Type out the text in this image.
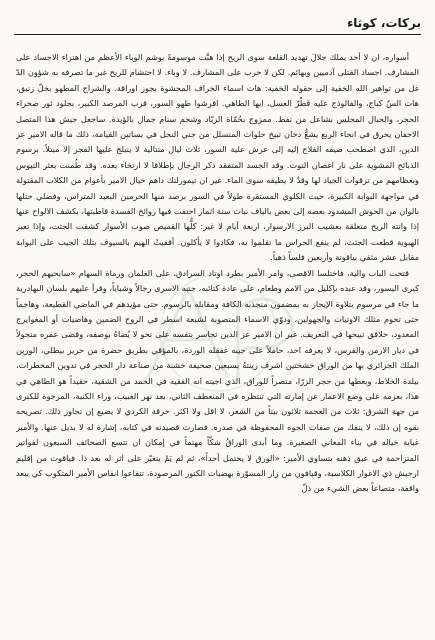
بركات، كوثاء

أسواره، ان لا أحد يملك جلالَ تهديد القلعة سوى الريح إذا هبَّت موسومةً بوشم الوباء الأعظم من اهتراء الاجساد على المشارف. اجساد القتلى آدميين وبهائم. لكن لا حرب على المشارف. لا وباء. لا احتشام للريح غير ما تصرفه به شؤون الدّ غل من تواهير الله الخفية إلى حقوله الخفية: هات اسماء الخراف المحشوة بجوز اوراقة. والشراج المطهو بخلّ زنبق، هات السّ كباج، والفالوذج عليه قَطْرُ العسل، ايها الطاهي. افرشوا طهو السور، قرب المرصد الكبير، بجلود ثور صحراء الحجر، والحبال المجلس بشاعل من نفط. ممزوج بحُمّاة الزيّاد وشحم سنام جمال بالؤيدة. ساجعل جيش هذا المتصل الاحفان يحرق في انحاء الربع يشعُّ دخان تبيخ حلوات المتسلل من جني النحل في بساتين القيامة، ذلك ما قاله الامير عز الدين، الذي اصطحب ضيفه الفلاح إليه إلى عرش علية السور، ثلاث ليال متتالية لا ينبلج عليها الفجر إلا مبتلاً. برسوم الذبائح المشوية على نار اغصان التوت. وقد الجسد المتفقد ذكر الرجال بإطلاقا لا ارتخاء بعده. وقد طُمنت بعثر التيوس وبعظامهم من ترقوات الجياد لها وقدٌ لا يطيقه سوى الماء. غير ان تيمورلنك داهم خيال الامير بأعوام من الكلاب المقتولة في مواجهة البوابة الكبيرة، حيث الكلوي المستقرة طولاً في السور برصد منها الحرمين البعيد المتراس، وفضلي حتلها بالوان من الحوش المشدود بعضه إلى بعض بالياف نبات سنة اثمار احتفت فيها روائح الفسدة قاطبتها، بكشف الالواح عنها إذا واتته الريح متعلقة بعشيب البرز الارسوار، اربعة أيام لا غير: كلُّها القميص صوب الأسوار كشفت الجثث، وإذا تعبر الهبوبة قطعت الجثث، لم ينفع الحراس ما تقلموا به، فكادوا لا يأكلون. أقفيتُ الهيم بالسيوف بتلك الجيب على البوابة مقابل عشر مثقي بياقوتة وأربعين فلساً ذهباً.

قتحت الباب والية، فاختلسا الاقصى، وامر الأمير بطرد اوتاد السرادق، على الغلمان ورماة السهام «سابحيهم الحجر، كبرى اليسور، وقد عبده بإكليل من الامم وطعام، على عادة كتائبه، جنبه الاسرى رجالاً وشباباً، وقرأ عليهم بلسان البهادرية ما جاء في مرسوم بتلاوة الإيجاز به بمضمون منجذبه الكافة ومقابله بالرسوم. حتى مؤيدهم في الماضي القطيعة، وهاجماً حتى تحوم مثلك الاوتيات والجهولين، ودوّي الاسماء المتصوبة لشبعة اسطر في الروح الضمين وهاضيات أو المغوايرج المعدود، حلاقق تبيحها في التعريف. غير ان الامير عز الدين تجاسر بتفسه على نحو لا يُضاهُ بوصفه، وقضى عمره متجولاً في ديار الارمن والقرس، لا يعرفه احد، حاملاً على جيبه غفقله الوردة، بالمؤقي بطريق حضرة من حرير بيطلي، الوزين الملك الجزائري بها من الوراق خشختين اشرف زينتهُ بسبعين صحيفة خشنة من صناعة دار الحجر في تدوين المخطرات، بيلدة الخلاط، وبعطها من حجر الزرّا، متصراً للوراق، الذي اجبته انه الفقيه في الحمد من الشقية، حقيداً هو الطاهي في هذا، بعزمه على وضع الاعمار عن إمارته التي تنتظره في المنعطف الثاني، بعد نهر الغبيب، وراء الكنبة، المرجوة للكبرى من جهة الشرق: ثلاث من العجمة ثلاثون بيتاً من الشعر، لا اقل ولا اكثر. حرقة الكردي لا يضيع إن تجاوز ذلك. تصريحه بقوه إن ذلك، لا ينفك من صفات الجوه المحفوظة في صدره. فصارت قصيدته في كتابه، إشارة له لا بديل عنها. والأمير غياية خياله في بناء المعاني الصغيرة. وما أبدى الوراقُ شكّاً مهتماً في إمكان ان تتسع الصحائف السبعون لفواتير المتزاحمة في عبق ذهنه بتساوي الأمير: «الورق لا يحتمل أحداً»، ثم لم يَمْ يتغيّر على اثر له بعد ذا. فياقوت من إقليم ارجيش ذي الاغوار الكلاسية، وقيافون من زار المسوّرة بهضبات الكتور المرصودة، تتفاعوا انفاس الأمير المتكوب كي يبعد واقفة، متصاعاً بعض الشيء من ذلّ
